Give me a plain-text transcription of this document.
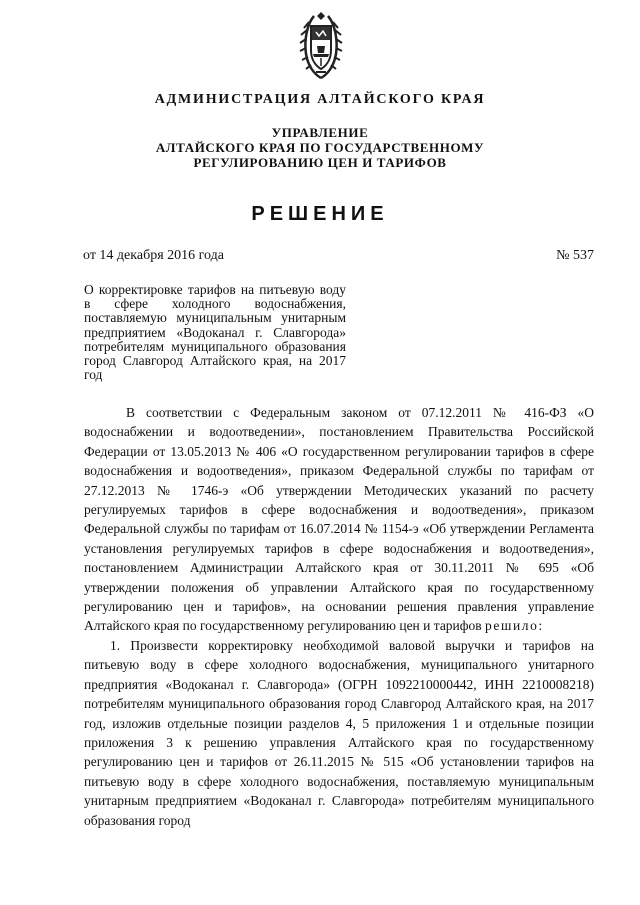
АДМИНИСТРАЦИЯ АЛТАЙСКОГО КРАЯ
УПРАВЛЕНИЕ
АЛТАЙСКОГО КРАЯ ПО ГОСУДАРСТВЕННОМУ
РЕГУЛИРОВАНИЮ ЦЕН И ТАРИФОВ
РЕШЕНИЕ
от 14 декабря 2016 года	№ 537

О корректировке тарифов на питьевую воду в сфере холодного водоснабжения, поставляемую муниципальным унитарным предприятием «Водоканал г. Славгорода» потребителям муниципального образования город Славгород Алтайского края, на 2017 год

В соответствии с Федеральным законом от 07.12.2011 № 416-ФЗ «О водоснабжении и водоотведении», постановлением Правительства Российской Федерации от 13.05.2013 № 406 «О государственном регулировании тарифов в сфере водоснабжения и водоотведения», приказом Федеральной службы по тарифам от 27.12.2013 № 1746-э «Об утверждении Методических указаний по расчету регулируемых тарифов в сфере водоснабжения и водоотведения», приказом Федеральной службы по тарифам от 16.07.2014 № 1154-э «Об утверждении Регламента установления регулируемых тарифов в сфере водоснабжения и водоотведения», постановлением Администрации Алтайского края от 30.11.2011 № 695 «Об утверждении положения об управлении Алтайского края по государственному регулированию цен и тарифов», на основании решения правления управление Алтайского края по государственному регулированию цен и тарифов решило:

1. Произвести корректировку необходимой валовой выручки и тарифов на питьевую воду в сфере холодного водоснабжения, муниципального унитарного предприятия «Водоканал г. Славгорода» (ОГРН 1092210000442, ИНН 2210008218) потребителям муниципального образования город Славгород Алтайского края, на 2017 год, изложив отдельные позиции разделов 4, 5 приложения 1 и отдельные позиции приложения 3 к решению управления Алтайского края по государственному регулированию цен и тарифов от 26.11.2015 № 515 «Об установлении тарифов на питьевую воду в сфере холодного водоснабжения, поставляемую муниципальным унитарным предприятием «Водоканал г. Славгорода» потребителям муниципального образования город
